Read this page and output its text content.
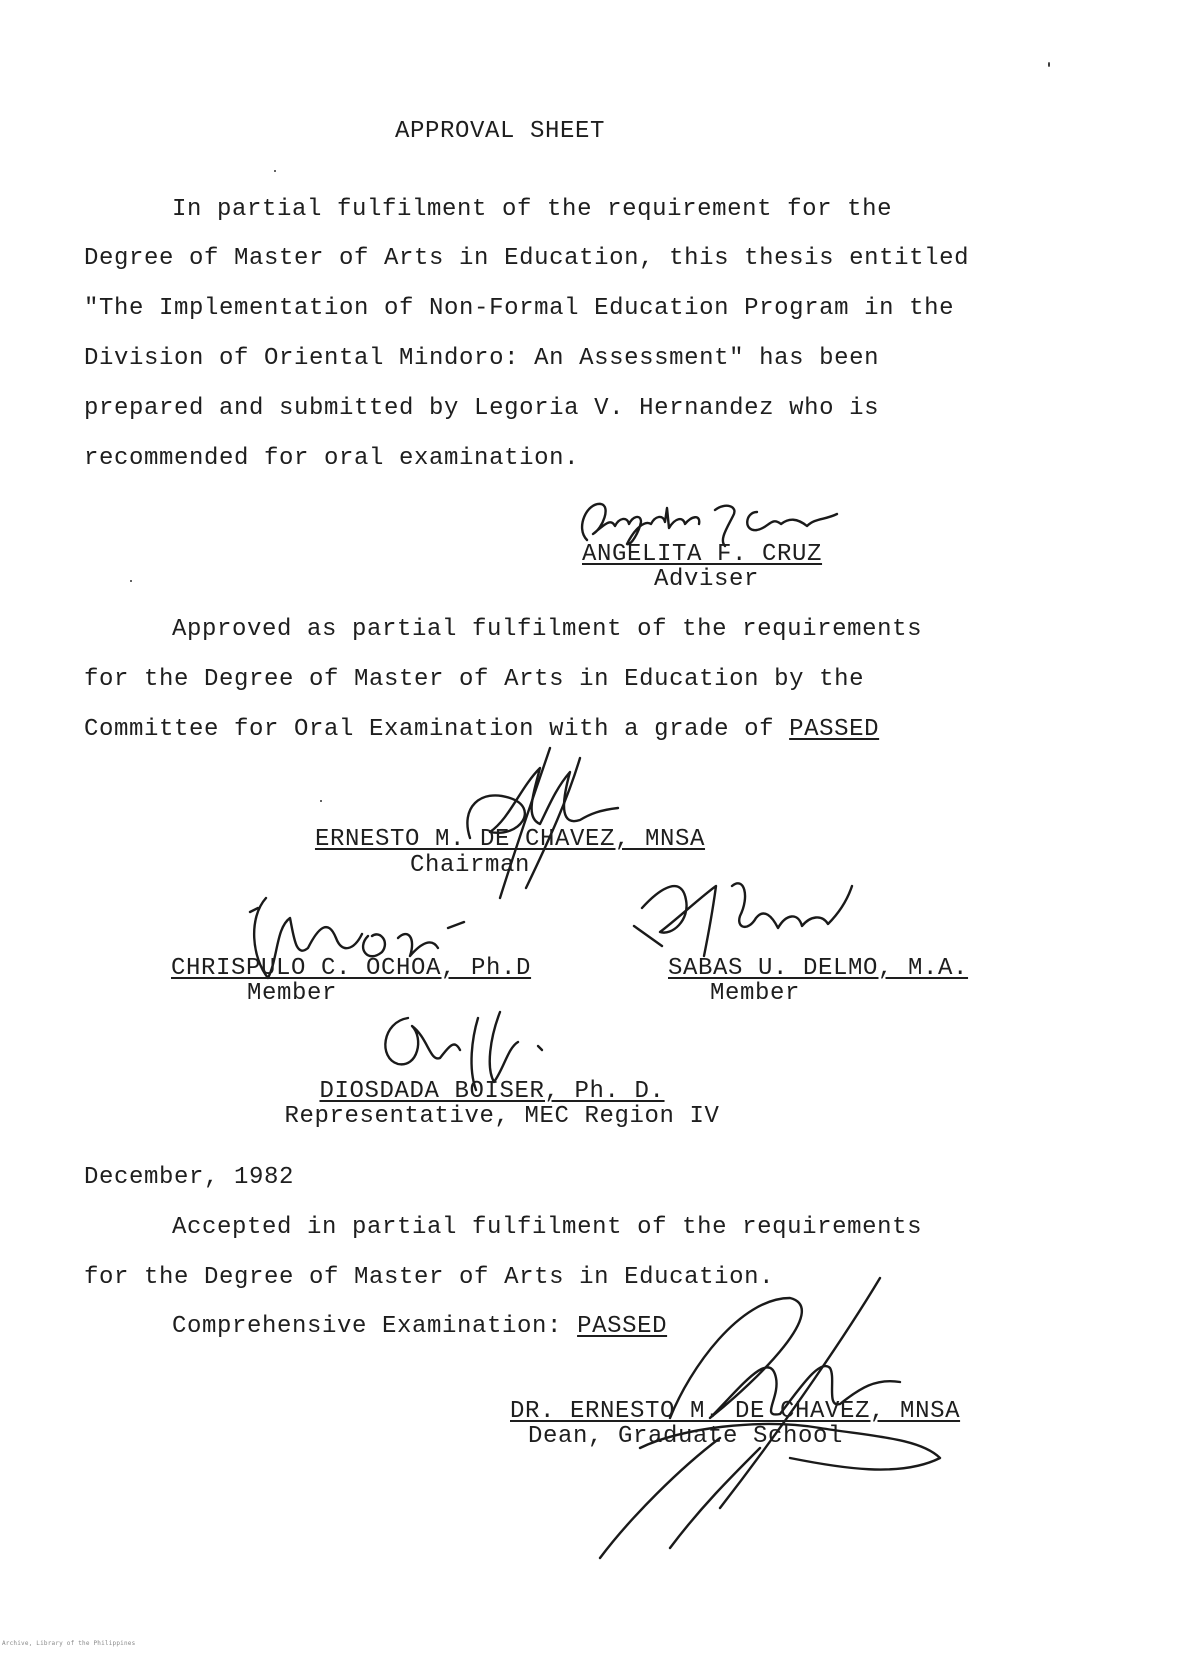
APPROVAL SHEET
In partial fulfilment of the requirement for the
Degree of Master of Arts in Education, this thesis entitled
"The Implementation of Non-Formal Education Program in the
Division of Oriental Mindoro: An Assessment" has been
prepared and submitted by Legoria V. Hernandez who is
recommended for oral examination.
ANGELITA F. CRUZ
Adviser
Approved as partial fulfilment of the requirements
for the Degree of Master of Arts in Education by the
Committee for Oral Examination with a grade of PASSED
ERNESTO M. DE CHAVEZ, MNSA
Chairman
CHRISPULO C. OCHOA, Ph.D
Member
SABAS U. DELMO, M.A.
Member
DIOSDADA BOISER, Ph. D.
Representative, MEC Region IV
December, 1982
Accepted in partial fulfilment of the requirements
for the Degree of Master of Arts in Education.
Comprehensive Examination: PASSED
DR. ERNESTO M. DE CHAVEZ, MNSA
Dean, Graduate School
Archive, Library of the Philippines
